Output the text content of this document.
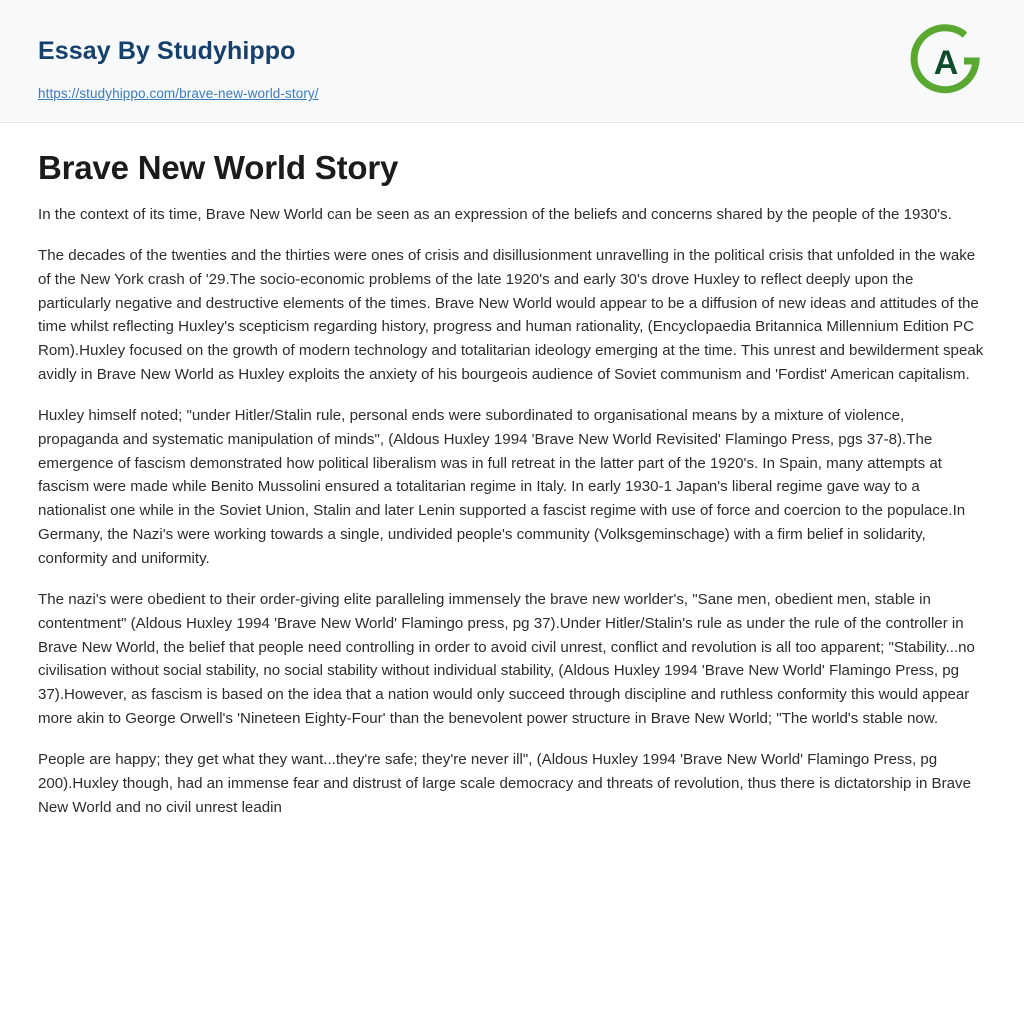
Essay By Studyhippo
https://studyhippo.com/brave-new-world-story/
A
Brave New World Story

In the context of its time, Brave New World can be seen as an expression of the beliefs and concerns shared by the people of the 1930's.

The decades of the twenties and the thirties were ones of crisis and disillusionment unravelling in the political crisis that unfolded in the wake of the New York crash of '29.The socio-economic problems of the late 1920's and early 30's drove Huxley to reflect deeply upon the particularly negative and destructive elements of the times. Brave New World would appear to be a diffusion of new ideas and attitudes of the time whilst reflecting Huxley's scepticism regarding history, progress and human rationality, (Encyclopaedia Britannica Millennium Edition PC Rom).Huxley focused on the growth of modern technology and totalitarian ideology emerging at the time. This unrest and bewilderment speak avidly in Brave New World as Huxley exploits the anxiety of his bourgeois audience of Soviet communism and 'Fordist' American capitalism.

Huxley himself noted; "under Hitler/Stalin rule, personal ends were subordinated to organisational means by a mixture of violence, propaganda and systematic manipulation of minds", (Aldous Huxley 1994 'Brave New World Revisited' Flamingo Press, pgs 37-8).The emergence of fascism demonstrated how political liberalism was in full retreat in the latter part of the 1920's. In Spain, many attempts at fascism were made while Benito Mussolini ensured a totalitarian regime in Italy. In early 1930-1 Japan's liberal regime gave way to a nationalist one while in the Soviet Union, Stalin and later Lenin supported a fascist regime with use of force and coercion to the populace.In Germany, the Nazi's were working towards a single, undivided people's community (Volksgeminschage) with a firm belief in solidarity, conformity and uniformity.

The nazi's were obedient to their order-giving elite paralleling immensely the brave new worlder's, "Sane men, obedient men, stable in contentment" (Aldous Huxley 1994 'Brave New World' Flamingo press, pg 37).Under Hitler/Stalin's rule as under the rule of the controller in Brave New World, the belief that people need controlling in order to avoid civil unrest, conflict and revolution is all too apparent; "Stability...no civilisation without social stability, no social stability without individual stability, (Aldous Huxley 1994 'Brave New World' Flamingo Press, pg 37).However, as fascism is based on the idea that a nation would only succeed through discipline and ruthless conformity this would appear more akin to George Orwell's 'Nineteen Eighty-Four' than the benevolent power structure in Brave New World; "The world's stable now.

People are happy; they get what they want...they're safe; they're never ill", (Aldous Huxley 1994 'Brave New World' Flamingo Press, pg 200).Huxley though, had an immense fear and distrust of large scale democracy and threats of revolution, thus there is dictatorship in Brave New World and no civil unrest leadin
